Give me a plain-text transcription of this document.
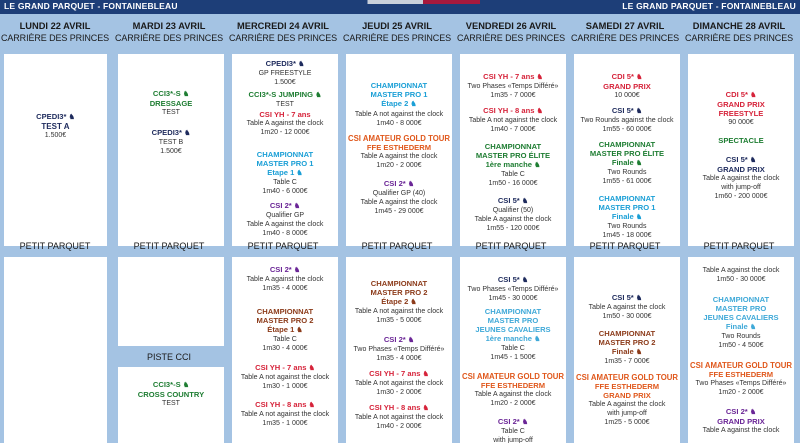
LE GRAND PARQUET - FONTAINEBLEAU	LE GRAND PARQUET - FONTAINEBLEAU
LUNDI 22 AVRIL
CARRIÈRE DES PRINCES
CPEDI3* ♞
TEST A
1.500€
PETIT PARQUET
MARDI 23 AVRIL
CARRIÈRE DES PRINCES
CCI3*-S ♞
DRESSAGE
TEST
CPEDI3* ♞
TEST B
1.500€
PETIT PARQUET
PISTE CCI
CCI3*-S ♞
CROSS COUNTRY
TEST
MERCREDI 24 AVRIL
CARRIÈRE DES PRINCES
CPEDI3* ♞
GP FREESTYLE
1.500€
CCI3*-S JUMPING ♞
TEST
CSI YH - 7 ans
Table A against the clock
1m20 - 12 000€
CHAMPIONNAT
MASTER PRO 1
Etape 1 ♞
Table C
1m40 - 6 000€
CSI 2* ♞
Qualifier GP
Table A against the clock
1m40 - 8 000€
PETIT PARQUET
CSI 2* ♞
Table A against the clock
1m35 - 4 000€
CHAMPIONNAT
MASTER PRO 2
Étape 1 ♞
Table C
1m30 - 4 000€
CSI YH - 7 ans ♞
Table A not against the clock
1m30 - 1 000€
CSI YH - 8 ans ♞
Table A not against the clock
1m35 - 1 000€
JEUDI 25 AVRIL
CARRIÈRE DES PRINCES
CHAMPIONNAT
MASTER PRO 1
Étape 2 ♞
Table A not against the clock
1m40 - 8 000€
CSI AMATEUR GOLD TOUR
FFE ESTHEDERM
Table A against the clock
1m20 - 2 000€
CSI 2* ♞
Qualifier GP (40)
Table A against the clock
1m45 - 29 000€
PETIT PARQUET
CHAMPIONNAT
MASTER PRO 2
Étape 2 ♞
Table A not against the clock
1m35 - 5 000€
CSI 2* ♞
Two Phases «Temps Différé»
1m35 - 4 000€
CSI YH - 7 ans ♞
Table A not against the clock
1m30 - 2 000€
CSI YH - 8 ans ♞
Table A not against the clock
1m40 - 2 000€
VENDREDI 26 AVRIL
CARRIÈRE DES PRINCES
CSI YH - 7 ans ♞
Two Phases «Temps Différé»
1m35 - 7 000€
CSI YH - 8 ans ♞
Table A not against the clock
1m40 - 7 000€
CHAMPIONNAT
MASTER PRO ÉLITE
1ère manche ♞
Table C
1m50 - 16 000€
CSI 5* ♞
Qualifier (50)
Table A against the clock
1m55 - 120 000€
PETIT PARQUET
CSI 5* ♞
Two Phases «Temps Différé»
1m45 - 30 000€
CHAMPIONNAT
MASTER PRO
JEUNES CAVALIERS
1ère manche ♞
Table C
1m45 - 1 500€
CSI AMATEUR GOLD TOUR
FFE ESTHEDERM
Table A against the clock
1m20 - 2 000€
CSI 2* ♞
Table C
with jump-off
SAMEDI 27 AVRIL
CARRIÈRE DES PRINCES
CDI 5* ♞
GRAND PRIX
10 000€
CSI 5* ♞
Two Rounds against the clock
1m55 - 60 000€
CHAMPIONNAT
MASTER PRO ÉLITE
Finale ♞
Two Rounds
1m55 - 61 000€
CHAMPIONNAT
MASTER PRO 1
Finale ♞
Two Rounds
1m45 - 18 000€
PETIT PARQUET
CSI 5* ♞
Table A against the clock
1m50 - 30 000€
CHAMPIONNAT
MASTER PRO 2
Finale ♞
1m35 - 7 000€
CSI AMATEUR GOLD TOUR
FFE ESTHEDERM
GRAND PRIX
Table A against the clock
with jump-off
1m25 - 5 000€
DIMANCHE 28 AVRIL
CARRIÈRE DES PRINCES
CDI 5* ♞
GRAND PRIX
FREESTYLE
90 000€
SPECTACLE
CSI 5* ♞
GRAND PRIX
Table A against the clock
with jump-off
1m60 - 200 000€
PETIT PARQUET
Table A against the clock
1m50 - 30 000€
CHAMPIONNAT
MASTER PRO
JEUNES CAVALIERS
Finale ♞
Two Rounds
1m50 - 4 500€
CSI AMATEUR GOLD TOUR
FFE ESTHEDERM
Two Phases «Temps Différé»
1m20 - 2 000€
CSI 2* ♞
GRAND PRIX
Table A against the clock
